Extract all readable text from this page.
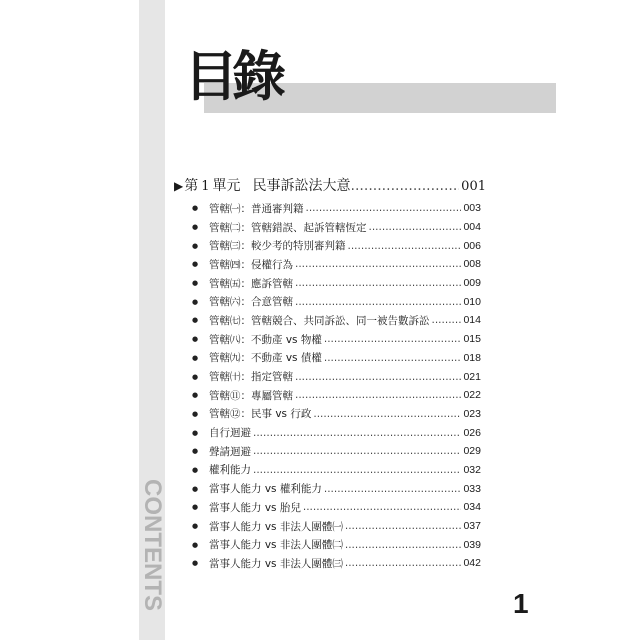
CONTENTS
目錄
▶ 第 1 單元 民事訴訟法大意 .....	001
● 管轄㈠：普通審判籍 .....	003
● 管轄㈡：管轄錯誤、起訴管轄恆定 .....	004
● 管轄㈢：較少考的特別審判籍 .....	006
● 管轄㈣：侵權行為 .....	008
● 管轄㈤：應訴管轄 .....	009
● 管轄㈥：合意管轄 .....	010
● 管轄㈦：管轄競合、共同訴訟、同一被告數訴訟 .....	014
● 管轄㈧：不動產 vs 物權 .....	015
● 管轄㈨：不動產 vs 債權 .....	018
● 管轄㈩：指定管轄 .....	021
● 管轄⑪：專屬管轄 .....	022
● 管轄⑫：民事 vs 行政 .....	023
● 自行迴避 .....	026
● 聲請迴避 .....	029
● 權利能力 .....	032
● 當事人能力 vs 權利能力 .....	033
● 當事人能力 vs 胎兒 .....	034
● 當事人能力 vs 非法人團體㈠ .....	037
● 當事人能力 vs 非法人團體㈡ .....	039
● 當事人能力 vs 非法人團體㈢ .....	042
1
